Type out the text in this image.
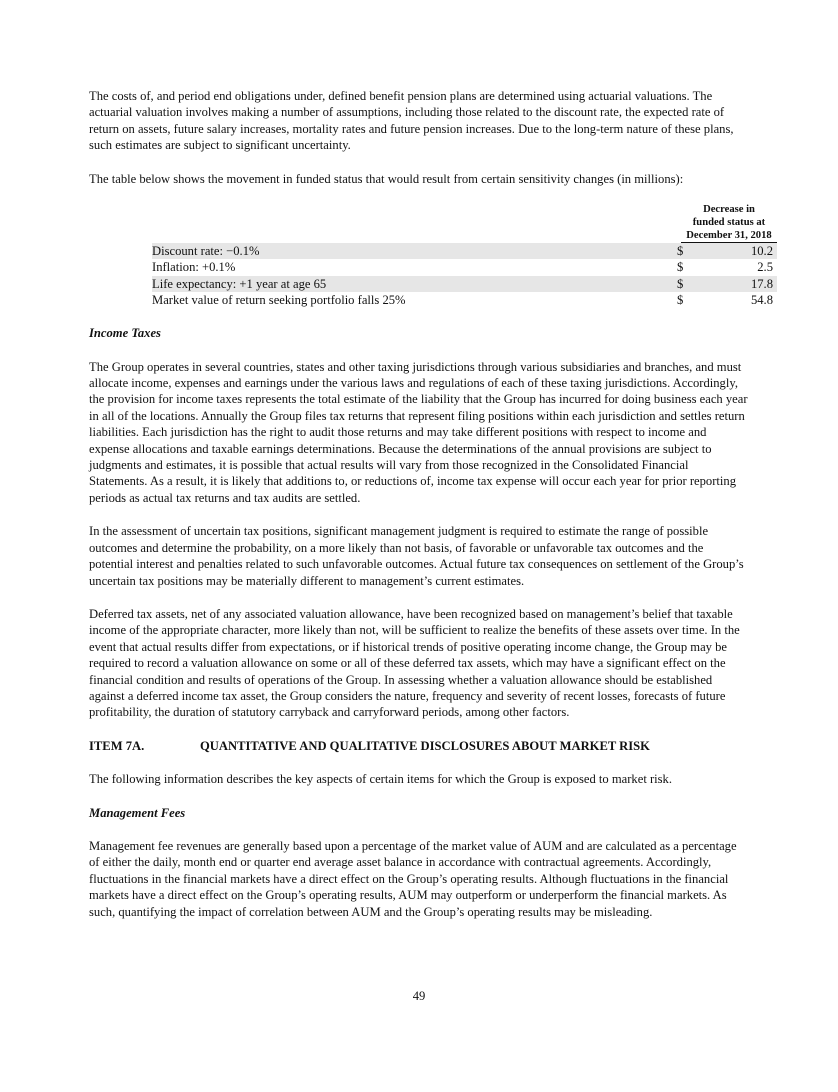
The costs of, and period end obligations under, defined benefit pension plans are determined using actuarial valuations. The actuarial valuation involves making a number of assumptions, including those related to the discount rate, the expected rate of return on assets, future salary increases, mortality rates and future pension increases. Due to the long-term nature of these plans, such estimates are subject to significant uncertainty.

The table below shows the movement in funded status that would result from certain sensitivity changes (in millions):

Decrease in
funded status at
December 31, 2018
Discount rate: −0.1%	$	10.2
Inflation: +0.1%	$	2.5
Life expectancy: +1 year at age 65	$	17.8
Market value of return seeking portfolio falls 25%	$	54.8
Income Taxes

The Group operates in several countries, states and other taxing jurisdictions through various subsidiaries and branches, and must allocate income, expenses and earnings under the various laws and regulations of each of these taxing jurisdictions. Accordingly, the provision for income taxes represents the total estimate of the liability that the Group has incurred for doing business each year in all of the locations. Annually the Group files tax returns that represent filing positions within each jurisdiction and settles return liabilities. Each jurisdiction has the right to audit those returns and may take different positions with respect to income and expense allocations and taxable earnings determinations. Because the determinations of the annual provisions are subject to judgments and estimates, it is possible that actual results will vary from those recognized in the Consolidated Financial Statements. As a result, it is likely that additions to, or reductions of, income tax expense will occur each year for prior reporting periods as actual tax returns and tax audits are settled.

In the assessment of uncertain tax positions, significant management judgment is required to estimate the range of possible outcomes and determine the probability, on a more likely than not basis, of favorable or unfavorable tax outcomes and the potential interest and penalties related to such unfavorable outcomes. Actual future tax consequences on settlement of the Group’s uncertain tax positions may be materially different to management’s current estimates.

Deferred tax assets, net of any associated valuation allowance, have been recognized based on management’s belief that taxable income of the appropriate character, more likely than not, will be sufficient to realize the benefits of these assets over time. In the event that actual results differ from expectations, or if historical trends of positive operating income change, the Group may be required to record a valuation allowance on some or all of these deferred tax assets, which may have a significant effect on the financial condition and results of operations of the Group. In assessing whether a valuation allowance should be established against a deferred income tax asset, the Group considers the nature, frequency and severity of recent losses, forecasts of future profitability, the duration of statutory carryback and carryforward periods, among other factors.

ITEM 7A.	QUANTITATIVE AND QUALITATIVE DISCLOSURES ABOUT MARKET RISK

The following information describes the key aspects of certain items for which the Group is exposed to market risk.

Management Fees

Management fee revenues are generally based upon a percentage of the market value of AUM and are calculated as a percentage of either the daily, month end or quarter end average asset balance in accordance with contractual agreements. Accordingly, fluctuations in the financial markets have a direct effect on the Group’s operating results. Although fluctuations in the financial markets have a direct effect on the Group’s operating results, AUM may outperform or underperform the financial markets. As such, quantifying the impact of correlation between AUM and the Group’s operating results may be misleading.

49
